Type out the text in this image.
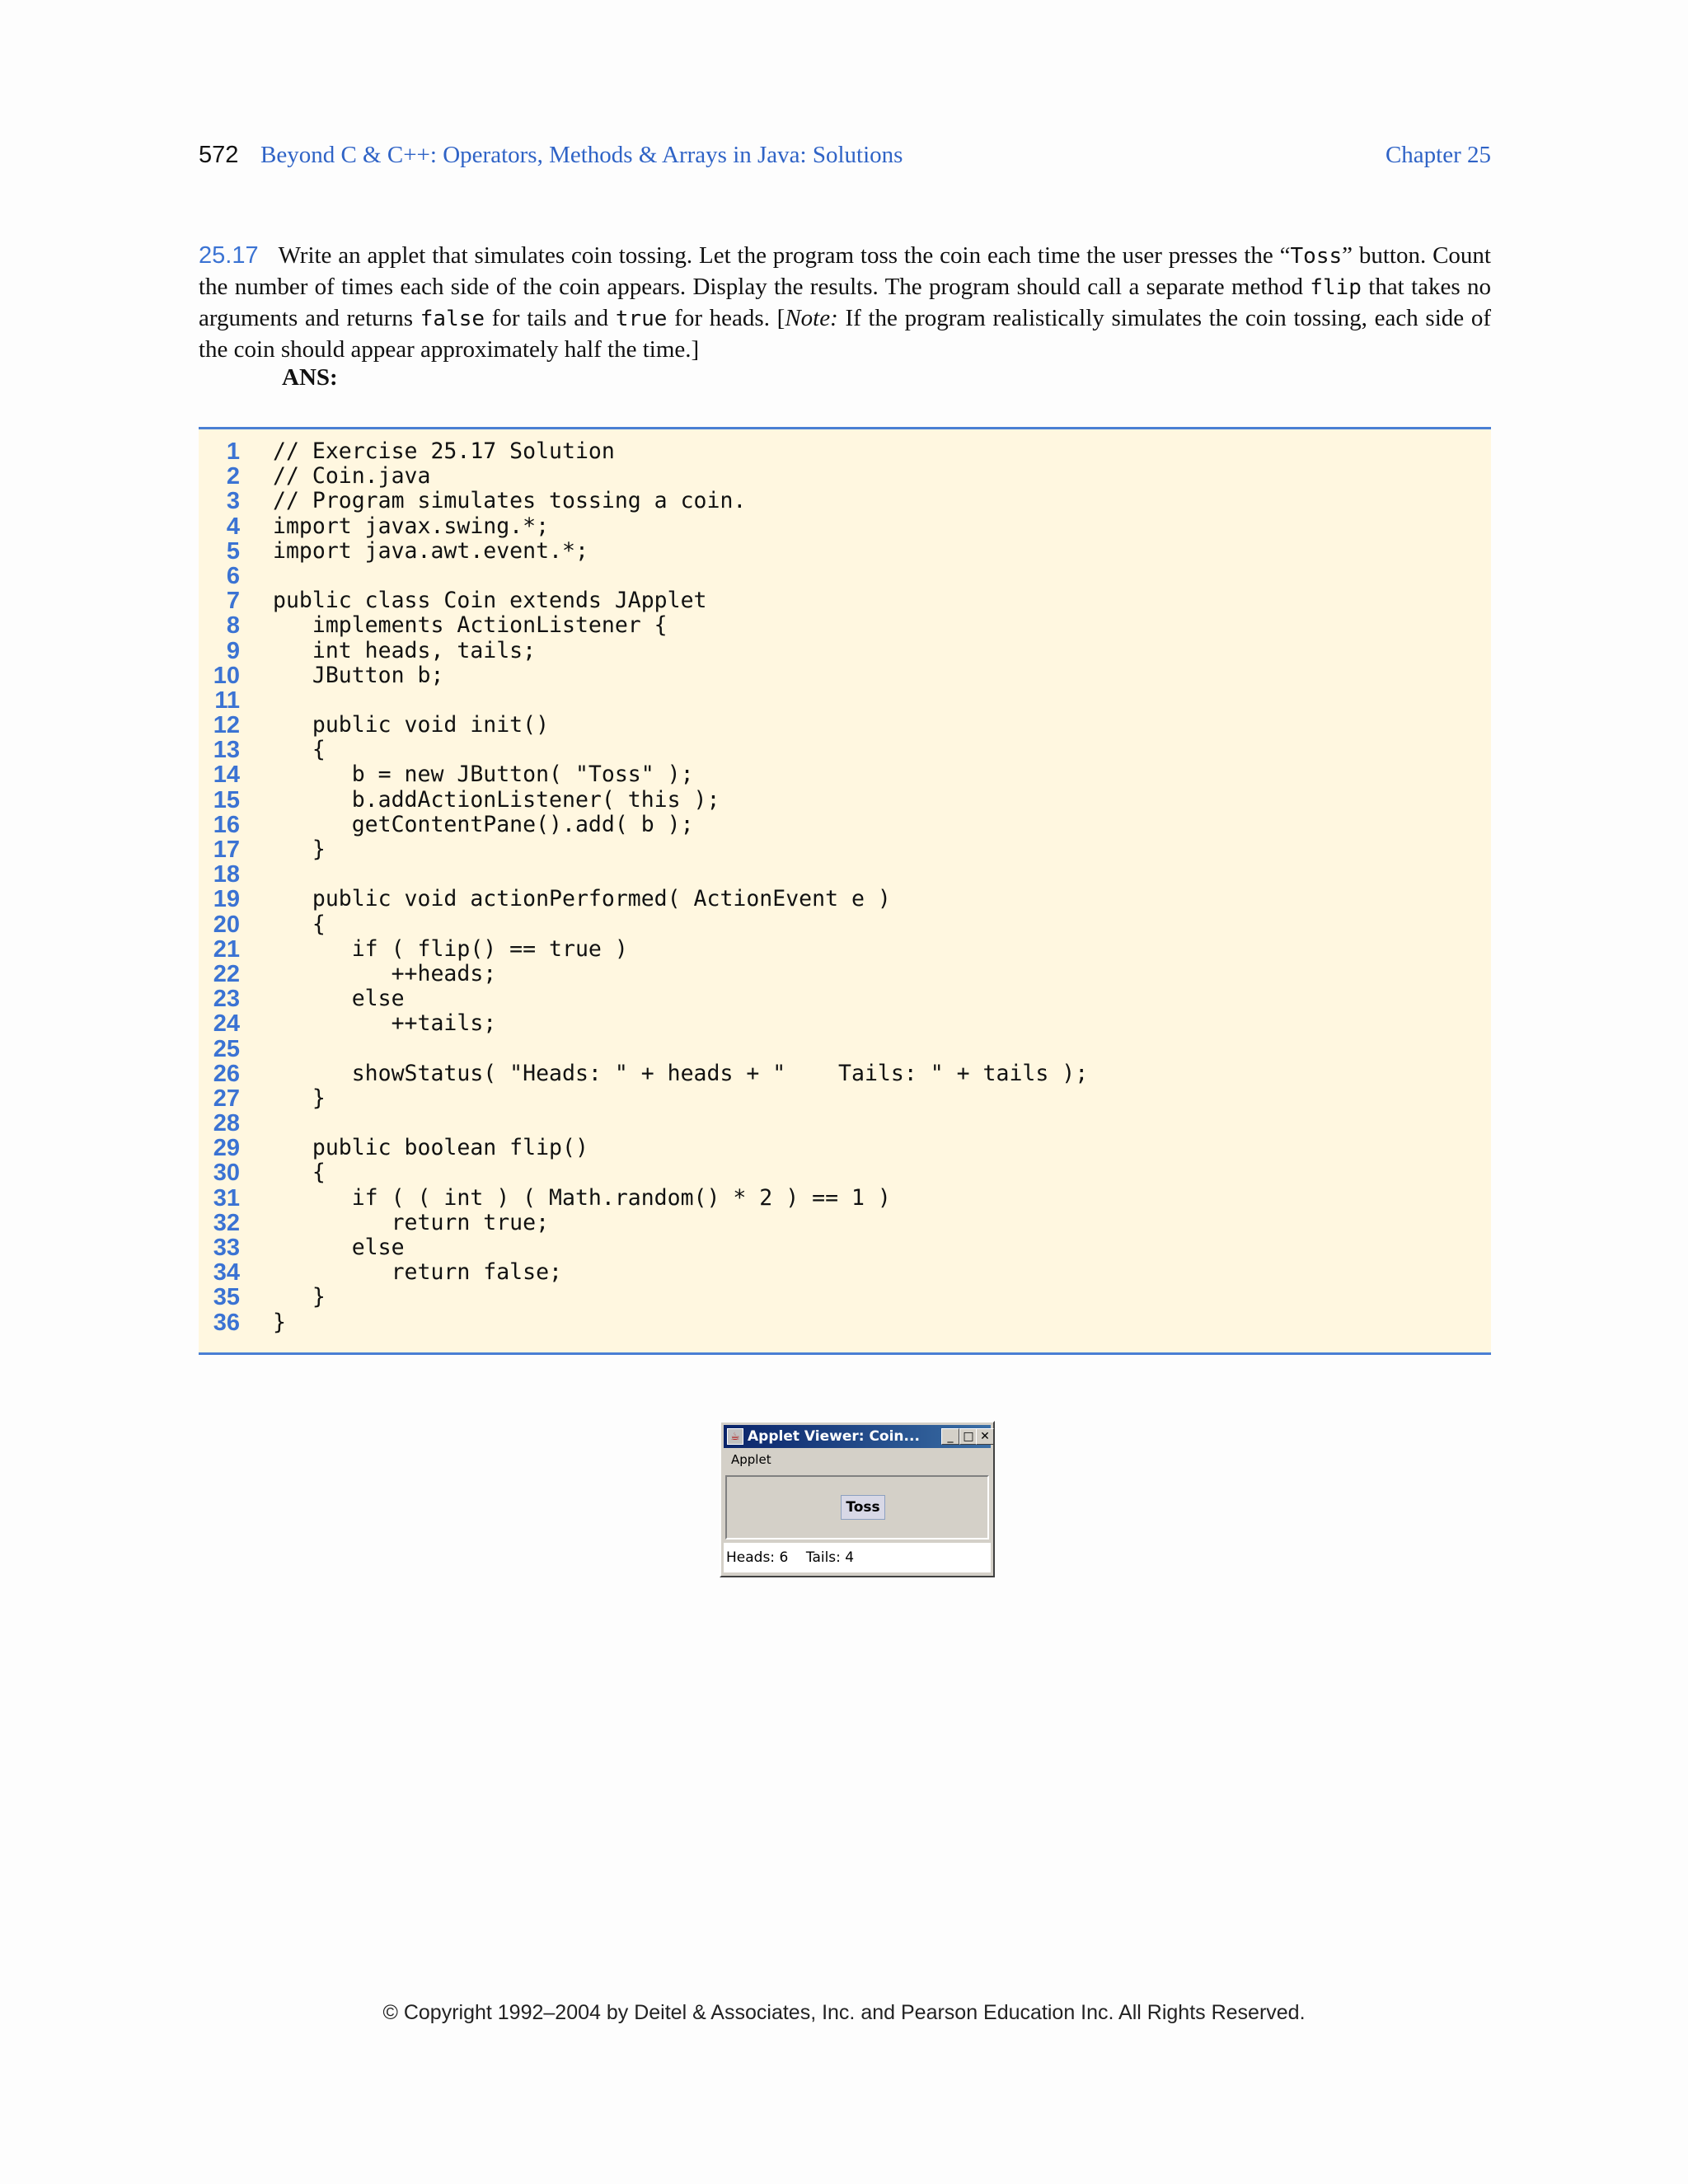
572 Beyond C & C++: Operators, Methods & Arrays in Java: Solutions	Chapter 25
25.17 Write an applet that simulates coin tossing. Let the program toss the coin each time the user presses the “Toss” button. Count the number of times each side of the coin appears. Display the results. The program should call a separate method flip that takes no arguments and returns false for tails and true for heads. [Note: If the program realistically simulates the coin tossing, each side of the coin should appear approximately half the time.]
ANS:
1 // Exercise 25.17 Solution
2 // Coin.java
3 // Program simulates tossing a coin.
4 import javax.swing.*;
5 import java.awt.event.*;
6
7 public class Coin extends JApplet
8 implements ActionListener {
9 int heads, tails;
10 JButton b;
11
12 public void init()
13 {
14 b = new JButton( "Toss" );
15 b.addActionListener( this );
16 getContentPane().add( b );
17 }
18
19 public void actionPerformed( ActionEvent e )
20 {
21 if ( flip() == true )
22 ++heads;
23 else
24 ++tails;
25
26 showStatus( "Heads: " + heads + "    Tails: " + tails );
27 }
28
29 public boolean flip()
30 {
31 if ( ( int ) ( Math.random() * 2 ) == 1 )
32 return true;
33 else
34 return false;
35 }
36 }
☕ Applet Viewer: Coin...	_ □ ✕
Applet
Toss
Heads: 6    Tails: 4
© Copyright 1992–2004 by Deitel & Associates, Inc. and Pearson Education Inc. All Rights Reserved.
